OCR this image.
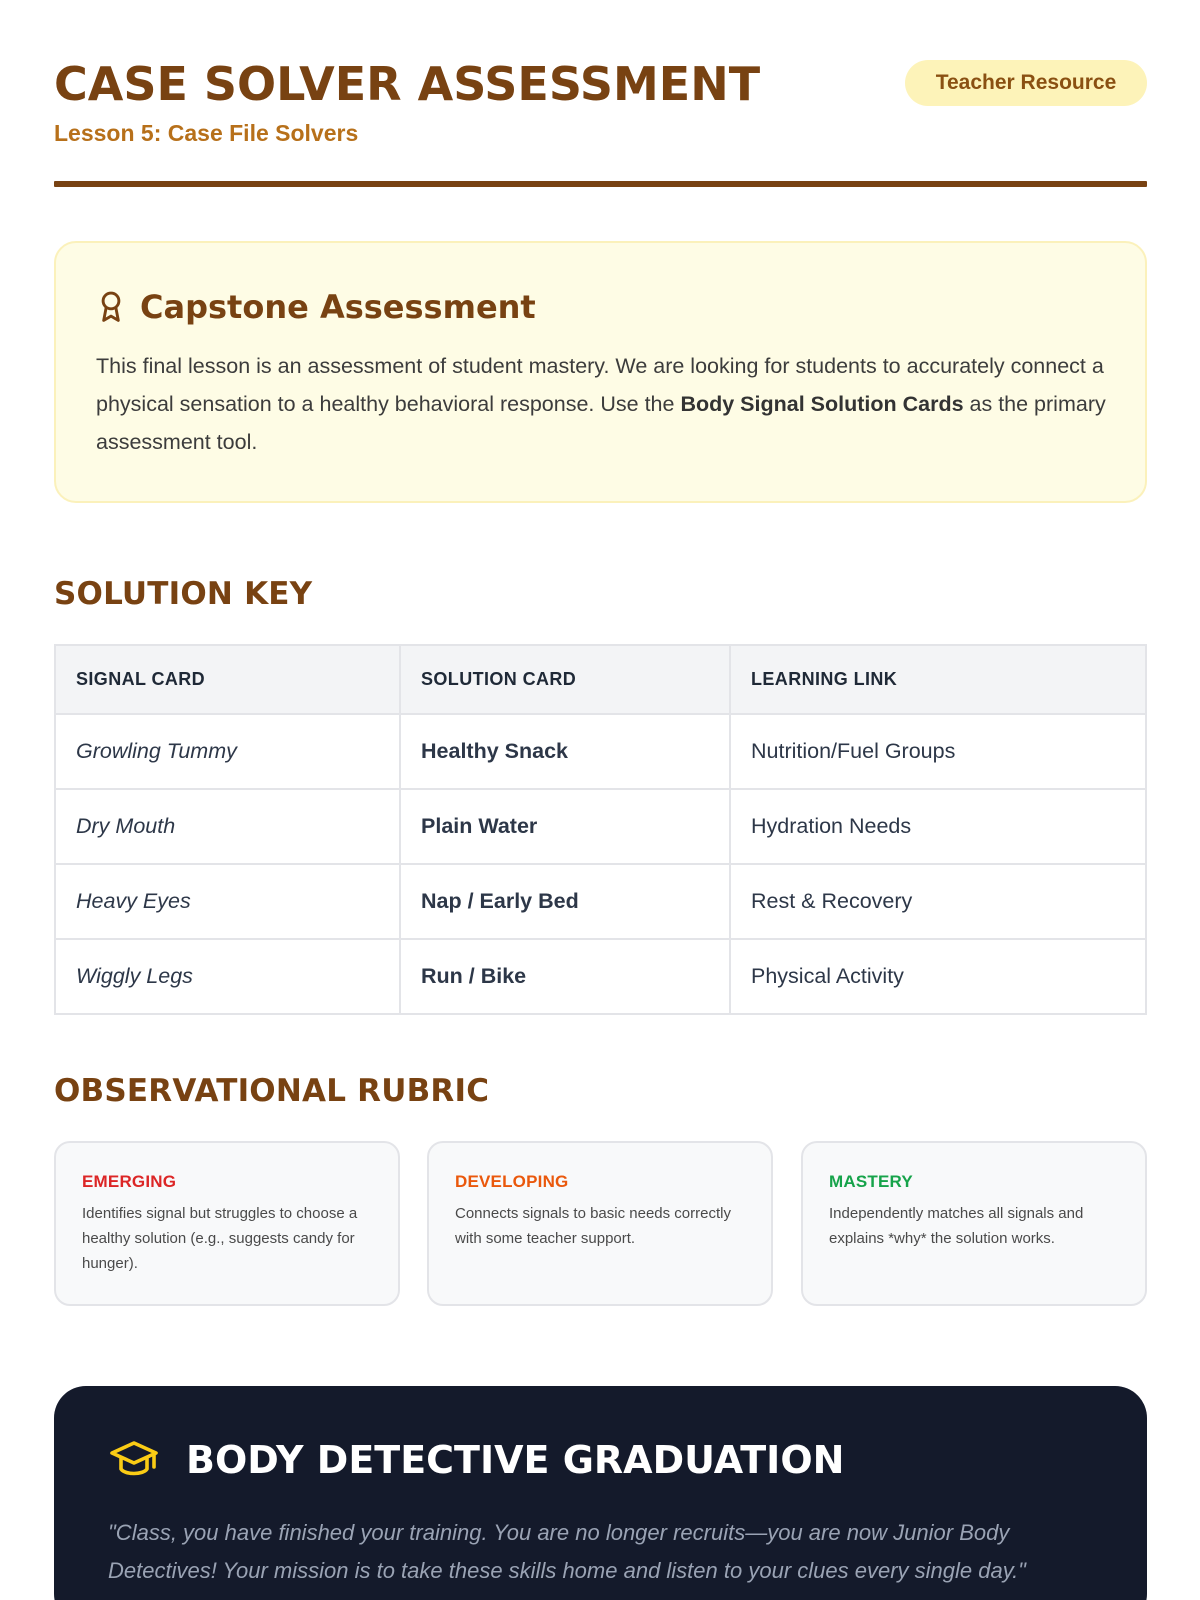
CASE SOLVER ASSESSMENT
Lesson 5: Case File Solvers
Teacher Resource
Capstone Assessment

This final lesson is an assessment of student mastery. We are looking for students to accurately connect a physical sensation to a healthy behavioral response. Use the Body Signal Solution Cards as the primary assessment tool.

SOLUTION KEY
SIGNAL CARD	SOLUTION CARD	LEARNING LINK
Growling Tummy	Healthy Snack	Nutrition/Fuel Groups
Dry Mouth	Plain Water	Hydration Needs
Heavy Eyes	Nap / Early Bed	Rest & Recovery
Wiggly Legs	Run / Bike	Physical Activity
OBSERVATIONAL RUBRIC
EMERGING
Identifies signal but struggles to choose a healthy solution (e.g., suggests candy for hunger).
DEVELOPING
Connects signals to basic needs correctly with some teacher support.
MASTERY
Independently matches all signals and explains *why* the solution works.
BODY DETECTIVE GRADUATION

"Class, you have finished your training. You are no longer recruits—you are now Junior Body Detectives! Your mission is to take these skills home and listen to your clues every single day."
